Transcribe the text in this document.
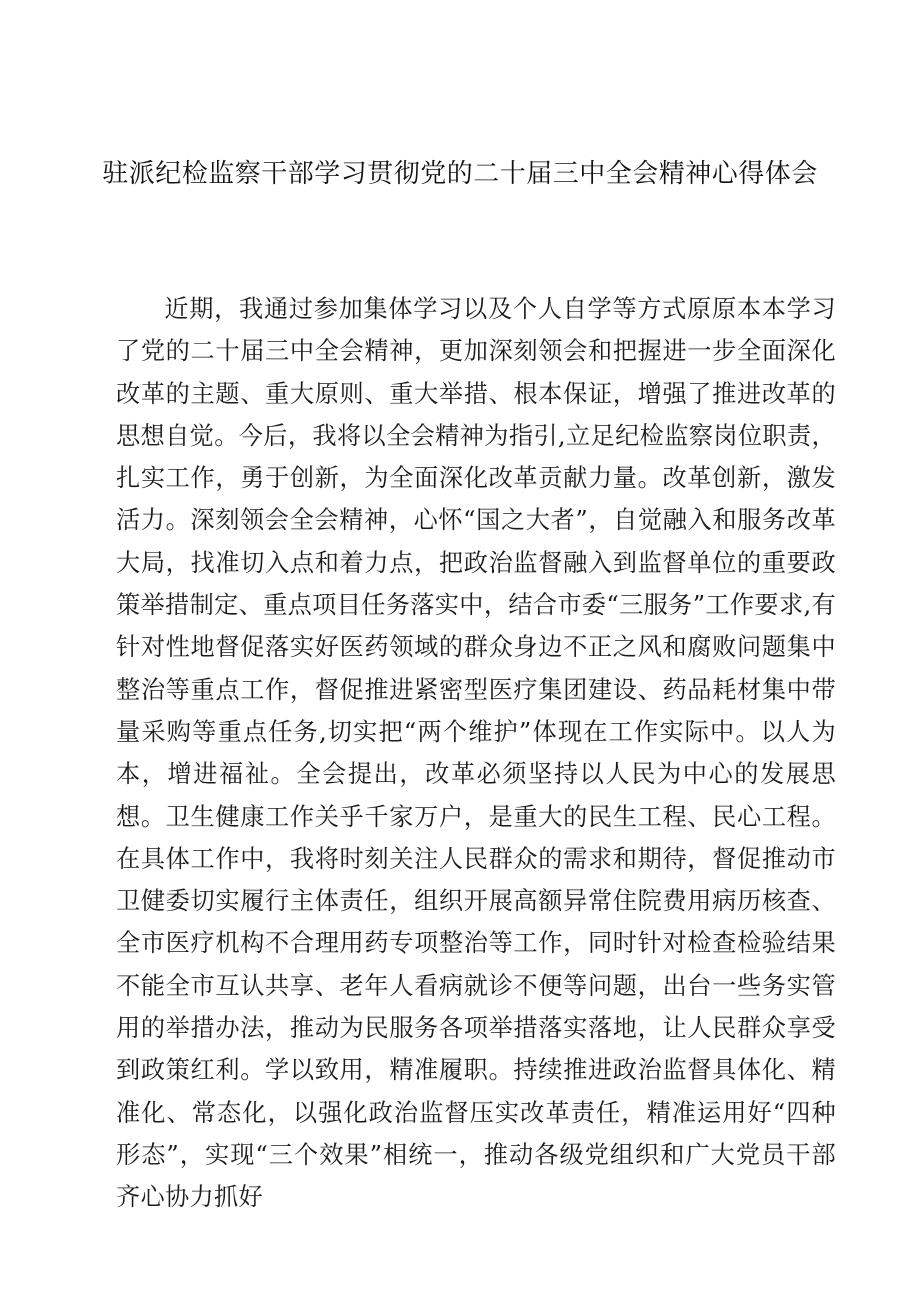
驻派纪检监察干部学习贯彻党的二十届三中全会精神心得体会

近期，我通过参加集体学习以及个人自学等方式原原本本学习了党的二十届三中全会精神，更加深刻领会和把握进一步全面深化改革的主题、重大原则、重大举措、根本保证，增强了推进改革的思想自觉。今后，我将以全会精神为指引,立足纪检监察岗位职责，扎实工作，勇于创新，为全面深化改革贡献力量。改革创新，激发活力。深刻领会全会精神，心怀“国之大者”，自觉融入和服务改革大局，找准切入点和着力点，把政治监督融入到监督单位的重要政策举措制定、重点项目任务落实中，结合市委“三服务”工作要求,有针对性地督促落实好医药领域的群众身边不正之风和腐败问题集中整治等重点工作，督促推进紧密型医疗集团建设、药品耗材集中带量采购等重点任务,切实把“两个维护”体现在工作实际中。以人为本，增进福祉。全会提出，改革必须坚持以人民为中心的发展思想。卫生健康工作关乎千家万户，是重大的民生工程、民心工程。在具体工作中，我将时刻关注人民群众的需求和期待，督促推动市卫健委切实履行主体责任，组织开展高额异常住院费用病历核查、全市医疗机构不合理用药专项整治等工作，同时针对检查检验结果不能全市互认共享、老年人看病就诊不便等问题，出台一些务实管用的举措办法，推动为民服务各项举措落实落地，让人民群众享受到政策红利。学以致用，精准履职。持续推进政治监督具体化、精准化、常态化，以强化政治监督压实改革责任，精准运用好“四种形态”，实现“三个效果”相统一，推动各级党组织和广大党员干部齐心协力抓好
